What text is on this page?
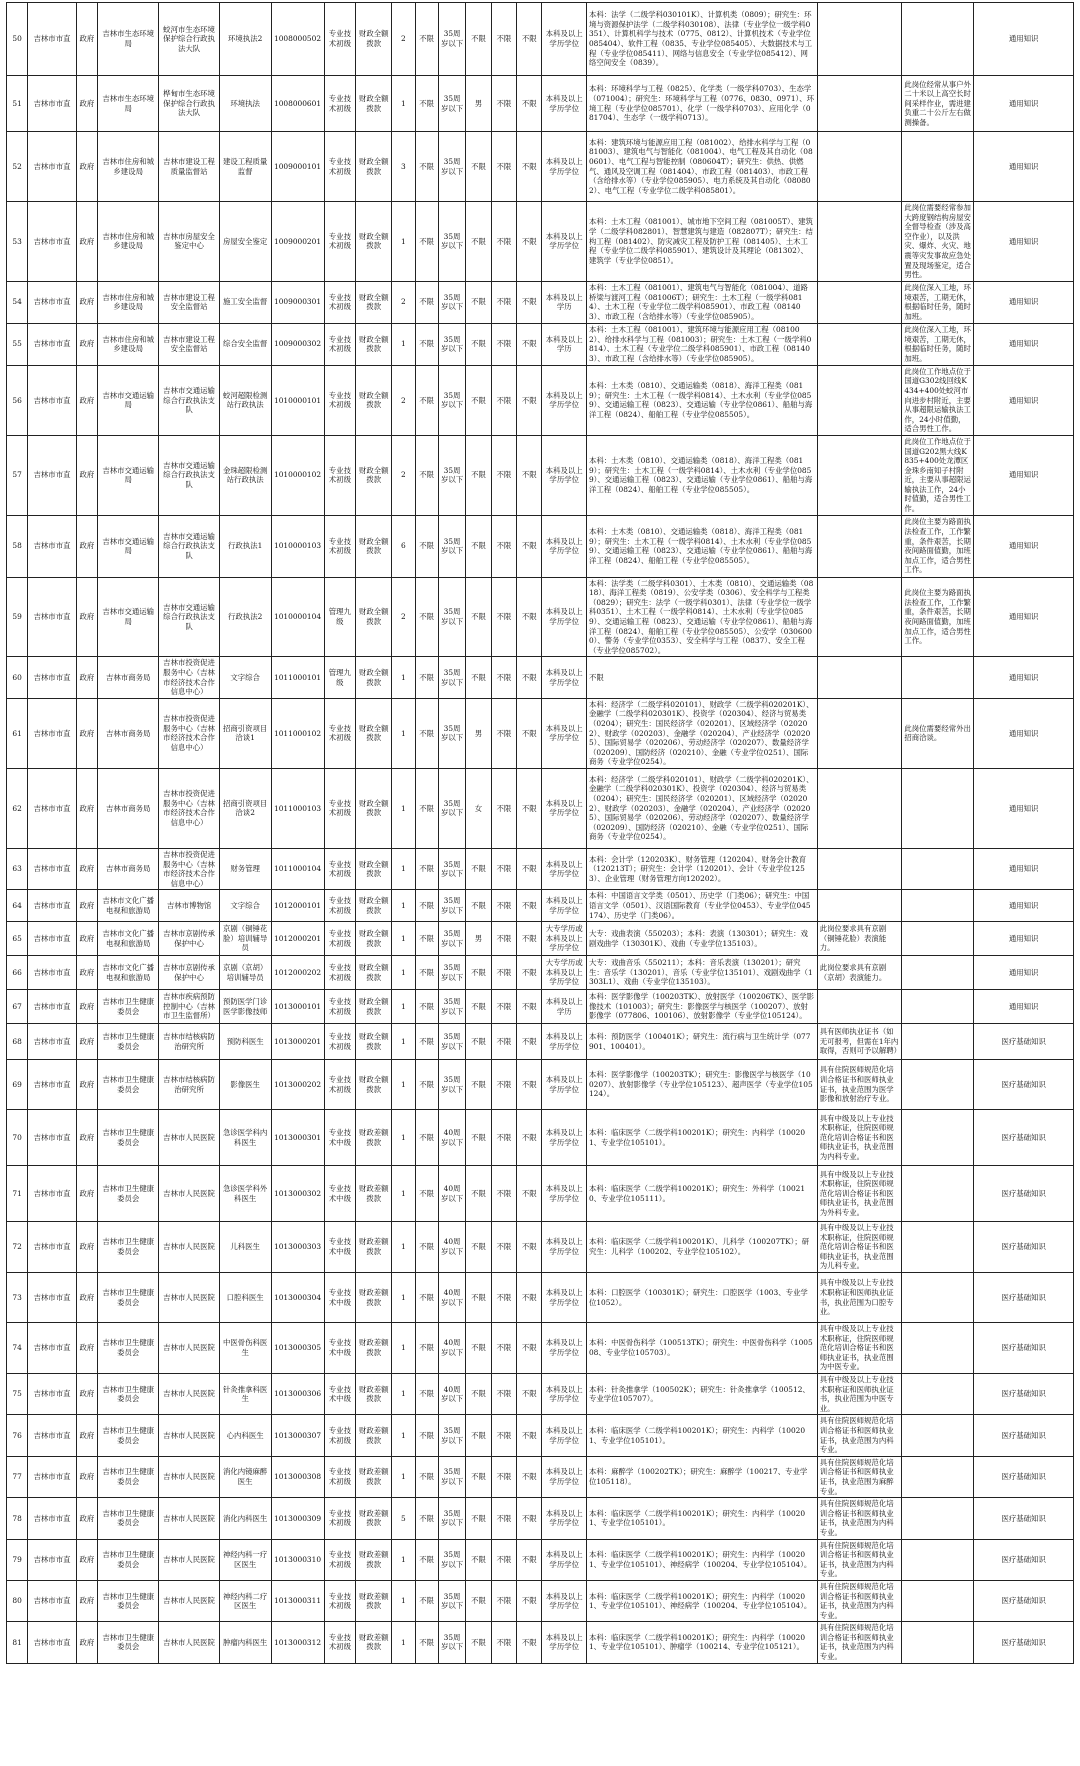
50	吉林市市直	政府	吉林市生态环境局	蛟河市生态环境保护综合行政执法大队	环境执法2	1008000502	专业技术初级	财政全额拨款	2	不限	35周岁以下	不限	不限	不限	本科及以上学历学位	本科：法学（二级学科030101K）、计算机类（0809）；研究生：环境与资源保护法学（二级学科030108）、法律（专业学位一级学科0351）、计算机科学与技术（0775、0812）、计算机技术（专业学位085404）、软件工程（0835、专业学位085405）、大数据技术与工程（专业学位085411）、网络与信息安全（专业学位085412）、网络空间安全（0839）。			通用知识
51	吉林市市直	政府	吉林市生态环境局	桦甸市生态环境保护综合行政执法大队	环境执法	1008000601	专业技术初级	财政全额拨款	1	不限	35周岁以下	男	不限	不限	本科及以上学历学位	本科：环境科学与工程（0825）、化学类（一级学科0703）、生态学（071004）；研究生：环境科学与工程（0776、0830、0971）、环境工程（专业学位085701）、化学（一级学科0703）、应用化学（081704）、生态学（一级学科0713）。		此岗位经常从事户外二十米以上高空长时间采样作业，需进建负重二十公斤左右做测操备。	通用知识
52	吉林市市直	政府	吉林市住房和城乡建设局	吉林市建设工程质量监督站	建设工程质量监督	1009000101	专业技术初级	财政全额拨款	3	不限	35周岁以下	不限	不限	不限	本科及以上学历学位	本科：建筑环境与能源应用工程（081002）、给排水科学与工程（081003）、建筑电气与智能化（081004）、电气工程及其自动化（080601）、电气工程与智能控制（080604T）；研究生：供热、供燃气、通风及空调工程（081404）、市政工程（081403）、市政工程（含给排水等）（专业学位085905）、电力系统及其自动化（080802）、电气工程（专业学位二级学科085801）。			通用知识
53	吉林市市直	政府	吉林市住房和城乡建设局	吉林市房屋安全鉴定中心	房屋安全鉴定	1009000201	专业技术初级	财政全额拨款	1	不限	35周岁以下	不限	不限	不限	本科及以上学历学位	本科：土木工程（081001）、城市地下空间工程（081005T）、建筑学（二级学科082801）、智慧建筑与建造（082807T）；研究生：结构工程（081402）、防灾减灾工程及防护工程（081405）、土木工程（专业学位二级学科085901）、建筑设计及其理论（081302）、建筑学（专业学位0851）。		此岗位需要经常参加大跨度钢结构房屋安全督导检查（涉及高空作业），以及洪灾、爆炸、火灾、地震等灾发事故应急处置及现场鉴定，适合男性。	通用知识
54	吉林市市直	政府	吉林市住房和城乡建设局	吉林市建设工程安全监督站	施工安全监督	1009000301	专业技术初级	财政全额拨款	2	不限	35周岁以下	不限	不限	不限	本科及以上学历	本科：土木工程（081001）、建筑电气与智能化（081004）、道路桥梁与渡河工程（081006T）；研究生：土木工程（一级学科0814）、土木工程（专业学位二级学科085901）、市政工程（081403）、市政工程（含给排水等）（专业学位085905）。		此岗位深入工地，环境艰苦，工期无休，根据临时任务，随时加班。	通用知识
55	吉林市市直	政府	吉林市住房和城乡建设局	吉林市建设工程安全监督站	综合安全监督	1009000302	专业技术初级	财政全额拨款	1	不限	35周岁以下	不限	不限	不限	本科及以上学历	本科：土木工程（081001）、建筑环境与能源应用工程（081002）、给排水科学与工程（081003）；研究生：土木工程（一级学科0814）、土木工程（专业学位二级学科085901）、市政工程（081403）、市政工程（含给排水等）（专业学位085905）。		此岗位深入工地，环境艰苦，工期无休，根据临时任务，随时加班。	通用知识
56	吉林市市直	政府	吉林市交通运输局	吉林市交通运输综合行政执法支队	蛟河超限检测站行政执法	1010000101	专业技术初级	财政全额拨款	2	不限	35周岁以下	不限	不限	不限	本科及以上学历学位	本科：土木类（0810）、交通运输类（0818）、海洋工程类（0819）；研究生：土木工程（一级学科0814）、土木水利（专业学位0859）、交通运输工程（0823）、交通运输（专业学位0861）、船舶与海洋工程（0824）、船舶工程（专业学位085505）。		此岗位工作地点位于国道G302线回线K434+400处蛟河市向进步村附近，主要从事超限运输执法工作，24小时值勤，适合男性工作。	通用知识
57	吉林市市直	政府	吉林市交通运输局	吉林市交通运输综合行政执法支队	金珠超限检测站行政执法	1010000102	专业技术初级	财政全额拨款	2	不限	35周岁以下	不限	不限	不限	本科及以上学历学位	本科：土木类（0810）、交通运输类（0818）、海洋工程类（0819）；研究生：土木工程（一级学科0814）、土木水利（专业学位0859）、交通运输工程（0823）、交通运输（专业学位0861）、船舶与海洋工程（0824）、船舶工程（专业学位085505）。		此岗位工作地点位于国道G202黑大线K835+400处龙潭区金珠乡南知子村附近，主要从事超限运输执法工作，24小时值勤，适合男性工作。	通用知识
58	吉林市市直	政府	吉林市交通运输局	吉林市交通运输综合行政执法支队	行政执法1	1010000103	专业技术初级	财政全额拨款	6	不限	35周岁以下	不限	不限	不限	本科及以上学历学位	本科：土木类（0810）、交通运输类（0818）、海洋工程类（0819）；研究生：土木工程（一级学科0814）、土木水利（专业学位0859）、交通运输工程（0823）、交通运输（专业学位0861）、船舶与海洋工程（0824）、船舶工程（专业学位085505）。		此岗位主要为路面执法检查工作，工作繁重，条件艰苦，长期夜间路面值勤，加班加点工作，适合男性工作。	通用知识
59	吉林市市直	政府	吉林市交通运输局	吉林市交通运输综合行政执法支队	行政执法2	1010000104	管理九级	财政全额拨款	2	不限	35周岁以下	不限	不限	不限	本科及以上学历学位	本科：法学类（二级学科0301）、土木类（0810）、交通运输类（0818）、海洋工程类（0819）、公安学类（0306）、安全科学与工程类（0829）；研究生：法学（一级学科0301）、法律（专业学位一级学科0351）、土木工程（一级学科0814）、土木水利（专业学位0859）、交通运输工程（0823）、交通运输（专业学位0861）、船舶与海洋工程（0824）、船舶工程（专业学位085505）、公安学（0306000）、警务（专业学位0353）、安全科学与工程（0837）、安全工程（专业学位085702）。		此岗位主要为路面执法检查工作，工作繁重，条件艰苦，长期夜间路面值勤，加班加点工作，适合男性工作。	通用知识
60	吉林市市直	政府	吉林市商务局	吉林市投资促进服务中心（吉林市经济技术合作信息中心）	文字综合	1011000101	管理九级	财政全额拨款	1	不限	35周岁以下	不限	不限	不限	本科及以上学历学位	不限			通用知识
61	吉林市市直	政府	吉林市商务局	吉林市投资促进服务中心（吉林市经济技术合作信息中心）	招商引资项目洽谈1	1011000102	专业技术初级	财政全额拨款	1	不限	35周岁以下	男	不限	不限	本科及以上学历学位	本科：经济学（二级学科020101）、财政学（二级学科020201K）、金融学（二级学科020301K）、投资学（020304）、经济与贸易类（0204）；研究生：国民经济学（020201）、区域经济学（020202）、财政学（020203）、金融学（020204）、产业经济学（020205）、国际贸易学（020206）、劳动经济学（020207）、数量经济学（020209）、国防经济（020210）、金融（专业学位0251）、国际商务（专业学位0254）。		此岗位需要经常外出招商洽谈。	通用知识
62	吉林市市直	政府	吉林市商务局	吉林市投资促进服务中心（吉林市经济技术合作信息中心）	招商引资项目洽谈2	1011000103	专业技术初级	财政全额拨款	1	不限	35周岁以下	女	不限	不限	本科及以上学历学位	本科：经济学（二级学科020101）、财政学（二级学科020201K）、金融学（二级学科020301K）、投资学（020304）、经济与贸易类（0204）；研究生：国民经济学（020201）、区域经济学（020202）、财政学（020203）、金融学（020204）、产业经济学（020205）、国际贸易学（020206）、劳动经济学（020207）、数量经济学（020209）、国防经济（020210）、金融（专业学位0251）、国际商务（专业学位0254）。			通用知识
63	吉林市市直	政府	吉林市商务局	吉林市投资促进服务中心（吉林市经济技术合作信息中心）	财务管理	1011000104	专业技术初级	财政全额拨款	1	不限	35周岁以下	不限	不限	不限	本科及以上学历学位	本科：会计学（120203K）、财务管理（120204）、财务会计教育（120213T）；研究生：会计学（120201）、会计（专业学位1253）、企业管理（财务管理方向120202）。			通用知识
64	吉林市市直	政府	吉林市文化广播电视和旅游局	吉林市博物馆	文字综合	1012000101	专业技术初级	财政全额拨款	1	不限	35周岁以下	不限	不限	不限	本科及以上学历学位	本科：中国语言文学类（0501）、历史学（门类06）；研究生：中国语言文学（0501）、汉语国际教育（专业学位0453）、专业学位045174）、历史学（门类06）。			通用知识
65	吉林市市直	政府	吉林市文化广播电视和旅游局	吉林市京剧传承保护中心	京剧（铜锤花脸）培训辅导员	1012000201	专业技术初级	财政全额拨款	1	不限	35周岁以下	男	不限	不限	大专学历或本科及以上学历学位	大专：戏曲表演（550203）；本科：表演（130301）；研究生：戏剧戏曲学（130301K）、戏曲（专业学位135103）。	此岗位要求具有京剧（铜锤花脸）表演能力。		通用知识
66	吉林市市直	政府	吉林市文化广播电视和旅游局	吉林市京剧传承保护中心	京剧（京胡）培训辅导员	1012000202	专业技术初级	财政全额拨款	1	不限	35周岁以下	不限	不限	不限	大专学历或本科及以上学历学位	大专：戏曲音乐（550211）；本科：音乐表演（130201）；研究生：音乐学（130201）、音乐（专业学位135101）、戏剧戏曲学（1303L1）、戏曲（专业学位135103）。	此岗位要求具有京剧（京胡）表演能力。		通用知识
67	吉林市市直	政府	吉林市卫生健康委员会	吉林市疾病预防控制中心（吉林市卫生监督所）	预防医学门诊医学影像技师	1013000101	专业技术初级	财政全额拨款	1	不限	35周岁以下	不限	不限	不限	本科及以上学历	本科：医学影像学（100203TK）、放射医学（100206TK）、医学影像技术（101003）；研究生：影像医学与核医学（100207）、放射影像学（077806、100106）、放射影像学（专业学位105124）。			通用知识
68	吉林市市直	政府	吉林市卫生健康委员会	吉林市结核病防治研究所	预防科医生	1013000201	专业技术初级	财政全额拨款	1	不限	35周岁以下	不限	不限	不限	本科及以上学历学位	本科：预防医学（100401K）；研究生：流行病与卫生统计学（077901、100401）。	具有医师执业证书（如无可报考，但需在1年内取得，否则可予以解聘）		医疗基础知识
69	吉林市市直	政府	吉林市卫生健康委员会	吉林市结核病防治研究所	影像医生	1013000202	专业技术初级	财政全额拨款	1	不限	35周岁以下	不限	不限	不限	本科及以上学历学位	本科：医学影像学（100203TK）；研究生：影像医学与核医学（100207）、放射影像学（专业学位105123）、超声医学（专业学位105124）。	具有住院医师规范化培训合格证书和医师执业证书，执业范围为医学影像和放射治疗专业。		医疗基础知识
70	吉林市市直	政府	吉林市卫生健康委员会	吉林市人民医院	急诊医学科内科医生	1013000301	专业技术中级	财政差额拨款	1	不限	40周岁以下	不限	不限	不限	本科及以上学历学位	本科：临床医学（二级学科100201K）；研究生：内科学（100201、专业学位105101）。	具有中级及以上专业技术职称证，住院医师规范化培训合格证书和医师执业证书，执业范围为内科专业。		医疗基础知识
71	吉林市市直	政府	吉林市卫生健康委员会	吉林市人民医院	急诊医学科外科医生	1013000302	专业技术中级	财政差额拨款	1	不限	40周岁以下	不限	不限	不限	本科及以上学历学位	本科：临床医学（二级学科100201K）；研究生：外科学（100210、专业学位105111）。	具有中级及以上专业技术职称证，住院医师规范化培训合格证书和医师执业证书，执业范围为外科专业。		医疗基础知识
72	吉林市市直	政府	吉林市卫生健康委员会	吉林市人民医院	儿科医生	1013000303	专业技术中级	财政差额拨款	1	不限	40周岁以下	不限	不限	不限	本科及以上学历学位	本科：临床医学（二级学科100201K）、儿科学（100207TK）；研究生：儿科学（100202、专业学位105102）。	具有中级及以上专业技术职称证，住院医师规范化培训合格证书和医师执业证书，执业范围为儿科专业。		医疗基础知识
73	吉林市市直	政府	吉林市卫生健康委员会	吉林市人民医院	口腔科医生	1013000304	专业技术中级	财政差额拨款	1	不限	40周岁以下	不限	不限	不限	本科及以上学历学位	本科：口腔医学（100301K）；研究生：口腔医学（1003、专业学位1052）。	具有中级及以上专业技术职称证和医师执业证书，执业范围为口腔专业。		医疗基础知识
74	吉林市市直	政府	吉林市卫生健康委员会	吉林市人民医院	中医骨伤科医生	1013000305	专业技术中级	财政差额拨款	1	不限	40周岁以下	不限	不限	不限	本科及以上学历学位	本科：中医骨伤科学（100513TK）；研究生：中医骨伤科学（100508、专业学位105703）。	具有中级及以上专业技术职称证，住院医师规范化培训合格证书和医师执业证书，执业范围为中医专业。		医疗基础知识
75	吉林市市直	政府	吉林市卫生健康委员会	吉林市人民医院	针灸推拿科医生	1013000306	专业技术中级	财政差额拨款	1	不限	40周岁以下	不限	不限	不限	本科及以上学历学位	本科：针灸推拿学（100502K）；研究生：针灸推拿学（100512、专业学位105707）。	具有中级及以上专业技术职称证和医师执业证书，执业范围为中医专业。		医疗基础知识
76	吉林市市直	政府	吉林市卫生健康委员会	吉林市人民医院	心内科医生	1013000307	专业技术初级	财政差额拨款	1	不限	35周岁以下	不限	不限	不限	本科及以上学历学位	本科：临床医学（二级学科100201K）；研究生：内科学（100201、专业学位105101）。	具有住院医师规范化培训合格证书和医师执业证书，执业范围为内科专业。		医疗基础知识
77	吉林市市直	政府	吉林市卫生健康委员会	吉林市人民医院	消化内镜麻醉医生	1013000308	专业技术初级	财政差额拨款	1	不限	35周岁以下	不限	不限	不限	本科及以上学历学位	本科：麻醉学（100202TK）；研究生：麻醉学（100217、专业学位105118）。	具有住院医师规范化培训合格证书和医师执业证书，执业范围为麻醉专业。		医疗基础知识
78	吉林市市直	政府	吉林市卫生健康委员会	吉林市人民医院	消化内科医生	1013000309	专业技术初级	财政差额拨款	5	不限	35周岁以下	不限	不限	不限	本科及以上学历学位	本科：临床医学（二级学科100201K）；研究生：内科学（100201、专业学位105101）。	具有住院医师规范化培训合格证书和医师执业证书，执业范围为内科专业。		医疗基础知识
79	吉林市市直	政府	吉林市卫生健康委员会	吉林市人民医院	神经内科一疗区医生	1013000310	专业技术初级	财政差额拨款	1	不限	35周岁以下	不限	不限	不限	本科及以上学历学位	本科：临床医学（二级学科100201K）；研究生：内科学（100201、专业学位105101）、神经病学（100204、专业学位105104）。	具有住院医师规范化培训合格证书和医师执业证书，执业范围为内科专业。		医疗基础知识
80	吉林市市直	政府	吉林市卫生健康委员会	吉林市人民医院	神经内科二疗区医生	1013000311	专业技术初级	财政差额拨款	1	不限	35周岁以下	不限	不限	不限	本科及以上学历学位	本科：临床医学（二级学科100201K）；研究生：内科学（100201、专业学位105101）、神经病学（100204、专业学位105104）。	具有住院医师规范化培训合格证书和医师执业证书，执业范围为内科专业。		医疗基础知识
81	吉林市市直	政府	吉林市卫生健康委员会	吉林市人民医院	肿瘤内科医生	1013000312	专业技术初级	财政差额拨款	1	不限	35周岁以下	不限	不限	不限	本科及以上学历学位	本科：临床医学（二级学科100201K）；研究生：内科学（100201、专业学位105101）、肿瘤学（100214、专业学位105121）。	具有住院医师规范化培训合格证书和医师执业证书，执业范围为内科专业。		医疗基础知识
